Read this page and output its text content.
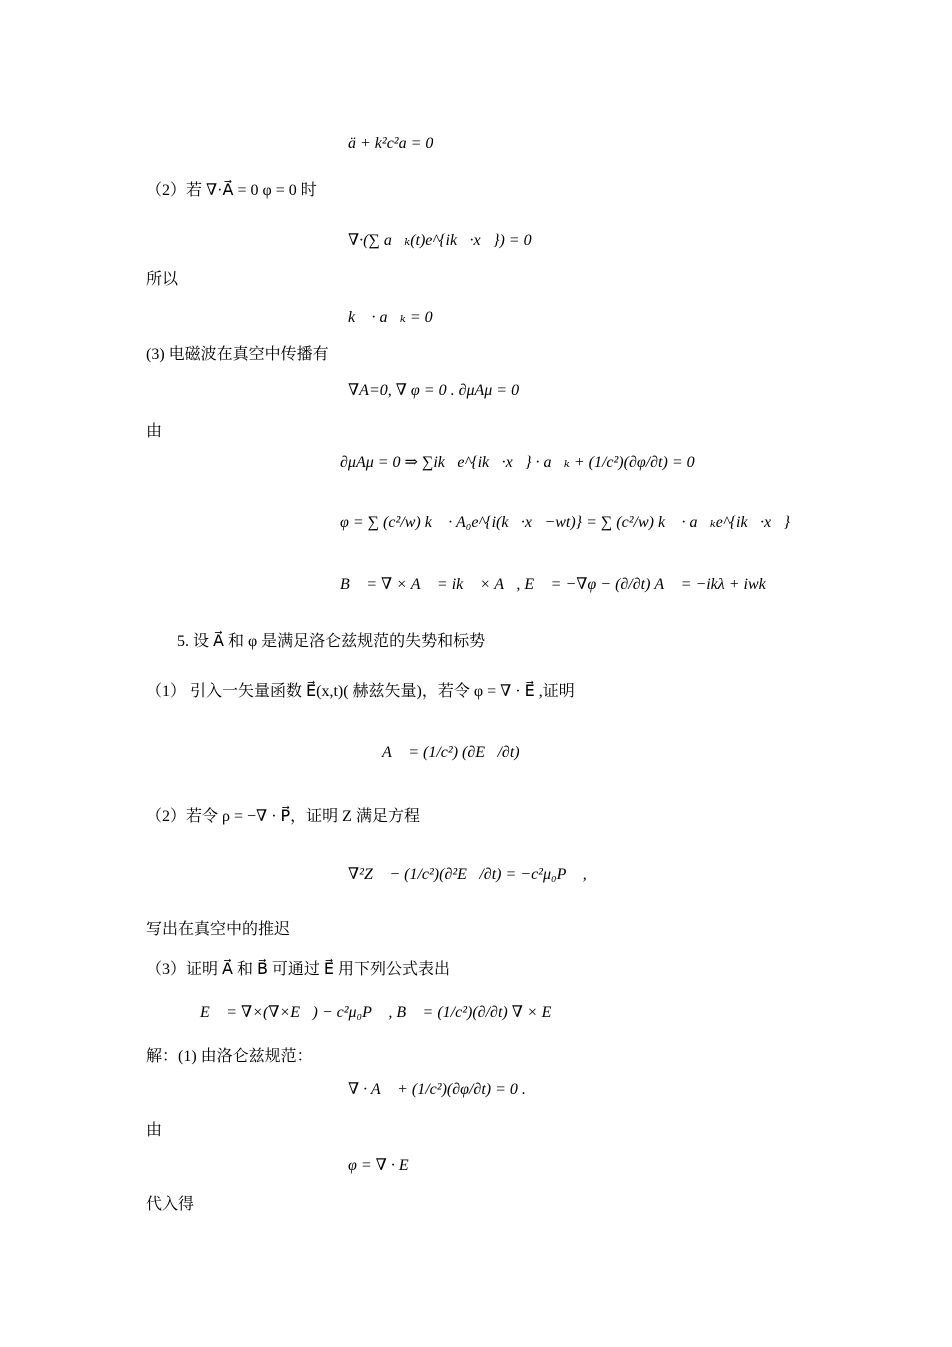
ä + k²c²a = 0
（2）若 ∇·A⃗ = 0 φ = 0 时
∇·(∑ a⃗ₖ(t)e^{ik⃗·x⃗}) = 0
所以
k⃗ · a⃗ₖ = 0
(3) 电磁波在真空中传播有
∇A=0, ∇ φ = 0 . ∂μAμ = 0
由
∂μAμ = 0 ⇒ ∑ik⃗e^{ik⃗·x⃗} · a⃗ₖ + (1/c²)(∂φ/∂t) = 0
φ = ∑ (c²/w) k⃗ · A₀e^{i(k⃗·x⃗−wt)} = ∑ (c²/w) k⃗ · a⃗ₖe^{ik⃗·x⃗}
B⃗ = ∇ × A⃗ = ik⃗ × A⃗, E⃗ = −∇φ − (∂/∂t) A⃗ = −ikλ + iwk⃗
5. 设 A⃗ 和 φ 是满足洛仑兹规范的失势和标势
（1） 引入一矢量函数 E⃗(x,t)( 赫兹矢量)，若令 φ = ∇ · E⃗ ,证明
A⃗ = (1/c²) (∂E⃗/∂t)
（2）若令 ρ = −∇ · P⃗，证明 Z 满足方程
∇²Z⃗ − (1/c²)(∂²E⃗/∂t) = −c²μ₀P⃗ ,
写出在真空中的推迟
（3）证明 A⃗ 和 B⃗ 可通过 E⃗ 用下列公式表出
E⃗ = ∇×(∇×E⃗) − c²μ₀P⃗ , B⃗ = (1/c²)(∂/∂t) ∇ × E⃗
解：(1) 由洛仑兹规范：
∇ · A⃗ + (1/c²)(∂φ/∂t) = 0 .
由
φ = ∇ · E⃗
代入得
